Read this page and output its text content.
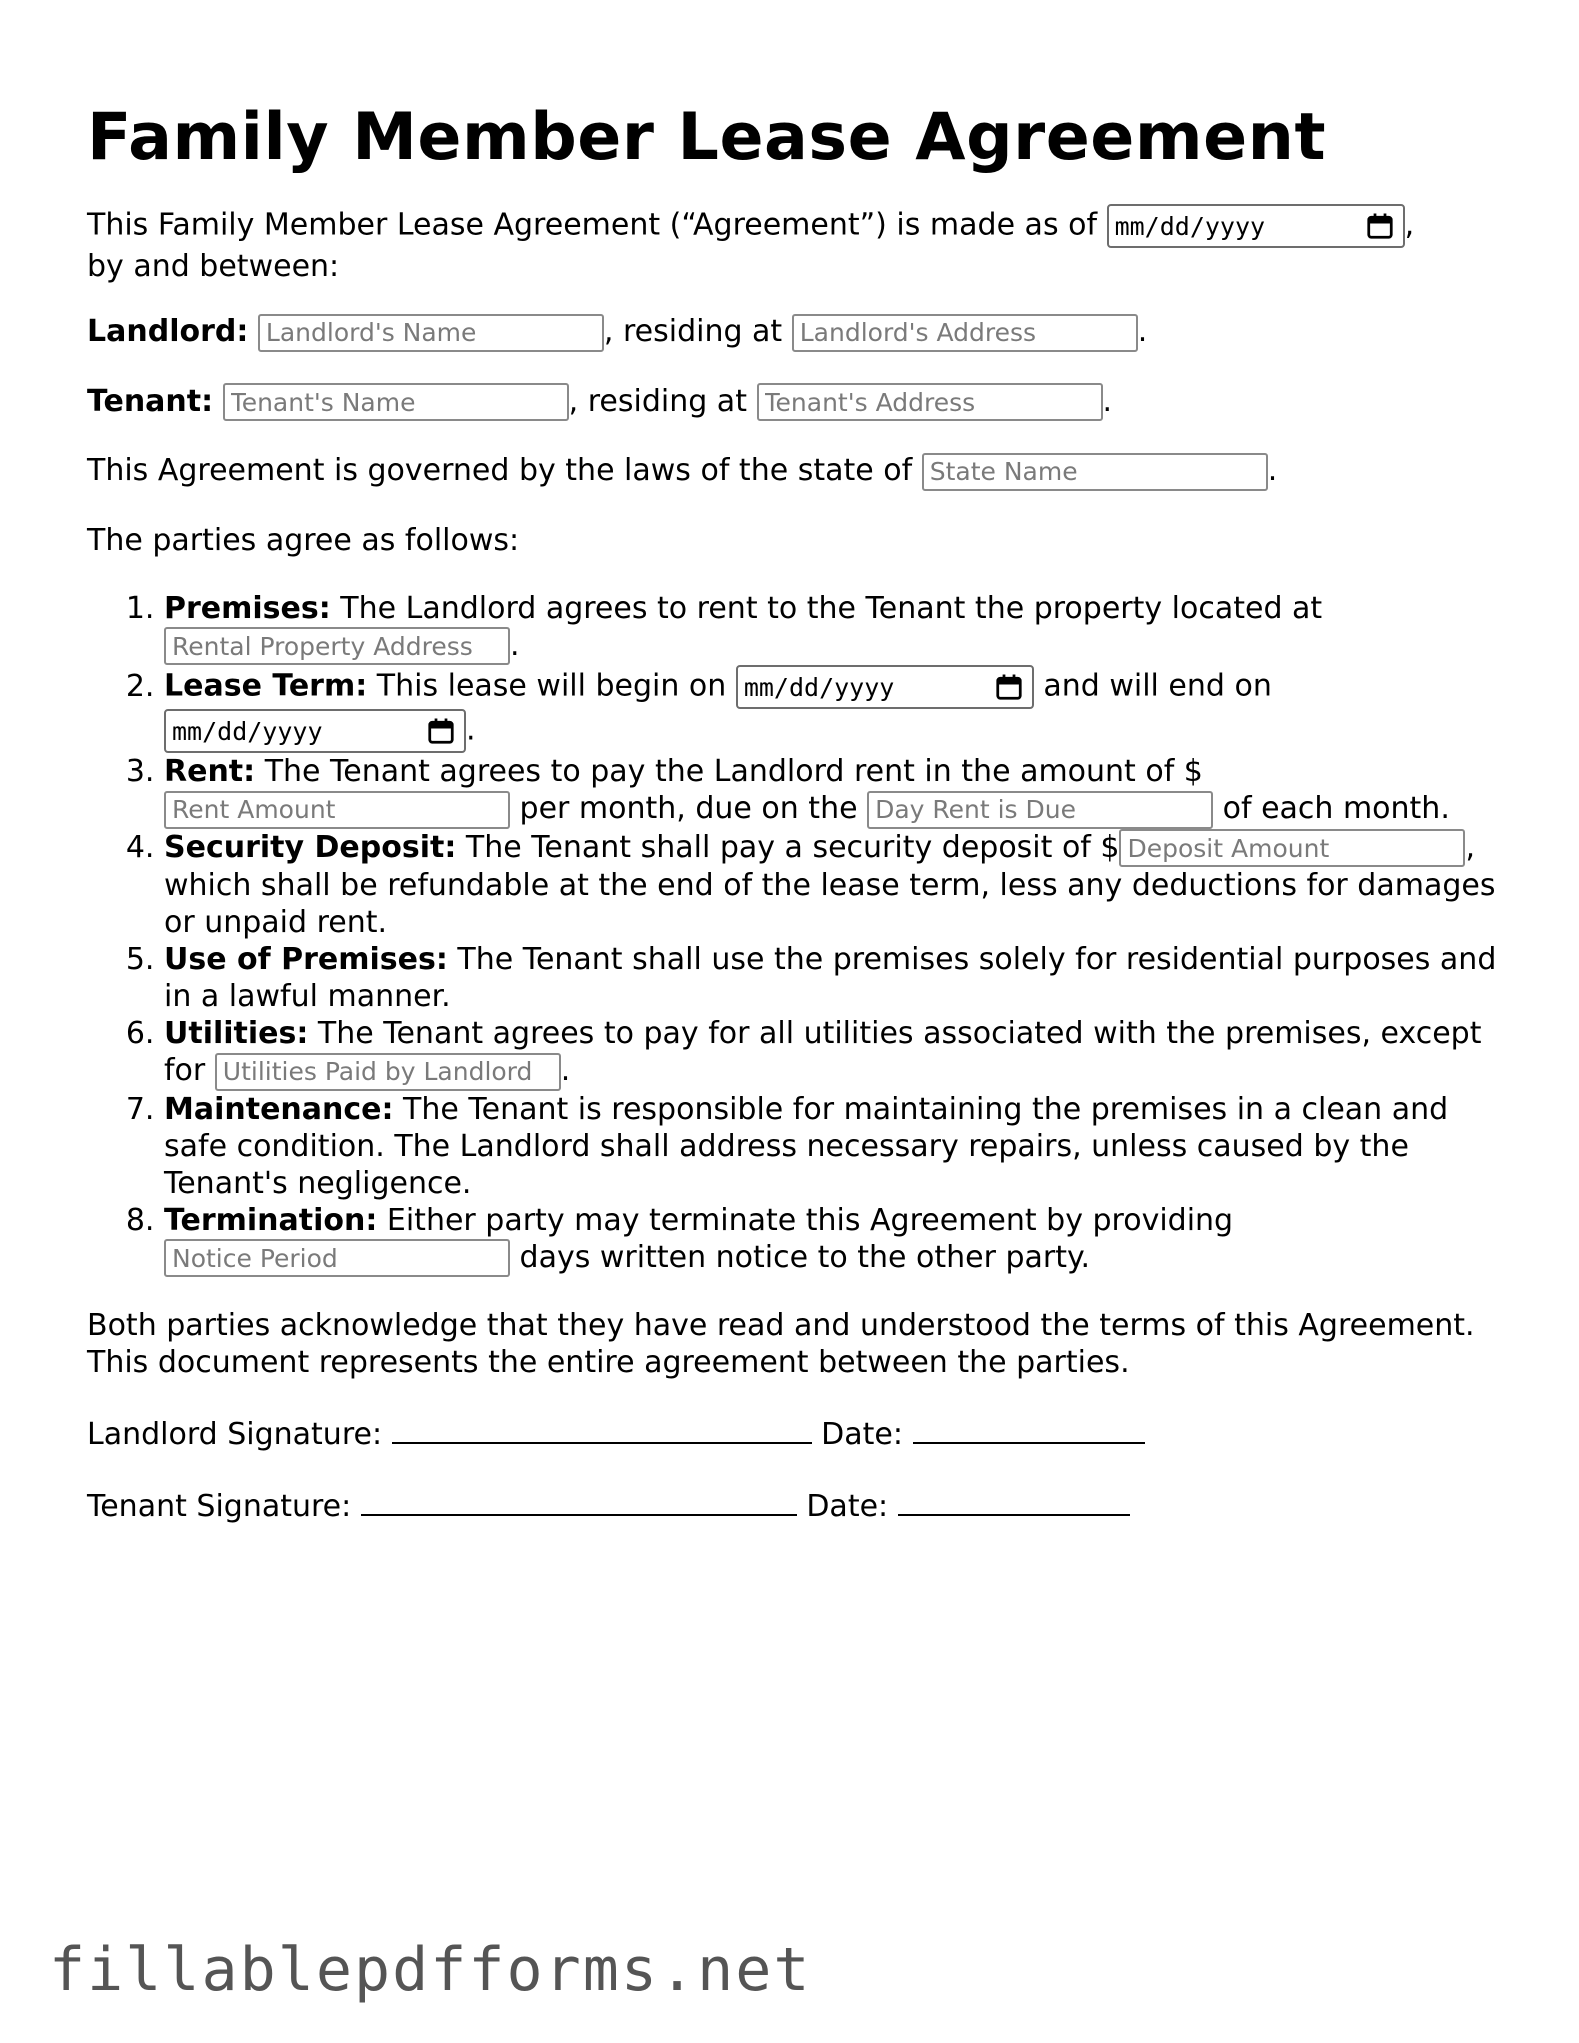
Family Member Lease Agreement

This Family Member Lease Agreement (“Agreement”) is made as of mm/dd/yyyy	,
by and between:

Landlord: Landlord's Name	, residing at Landlord's Address	.

Tenant: Tenant's Name	, residing at Tenant's Address	.

This Agreement is governed by the laws of the state of State Name	.

The parties agree as follows:

1. Premises: The Landlord agrees to rent to the Tenant the property located at Rental Property Address.
2. Lease Term: This lease will begin on mm/dd/yyyy	and will end on
mm/dd/yyyy	.
3. Rent: The Tenant agrees to pay the Landlord rent in the amount of $ Rent Amount per month, due on the Day Rent is Due	of each month.
4. Security Deposit: The Tenant shall pay a security deposit of $Deposit Amount	, which shall be refundable at the end of the lease term, less any deductions for damages or unpaid rent.
5. Use of Premises: The Tenant shall use the premises solely for residential purposes and in a lawful manner.
6. Utilities: The Tenant agrees to pay for all utilities associated with the premises, except for Utilities Paid by Landlord	.
7. Maintenance: The Tenant is responsible for maintaining the premises in a clean and safe condition. The Landlord shall address necessary repairs, unless caused by the Tenant's negligence.
8. Termination: Either party may terminate this Agreement by providing Notice Period days written notice to the other party.

Both parties acknowledge that they have read and understood the terms of this Agreement. This document represents the entire agreement between the parties.

Landlord Signature:	Date:

Tenant Signature:	Date:

fillablepdfforms.net
